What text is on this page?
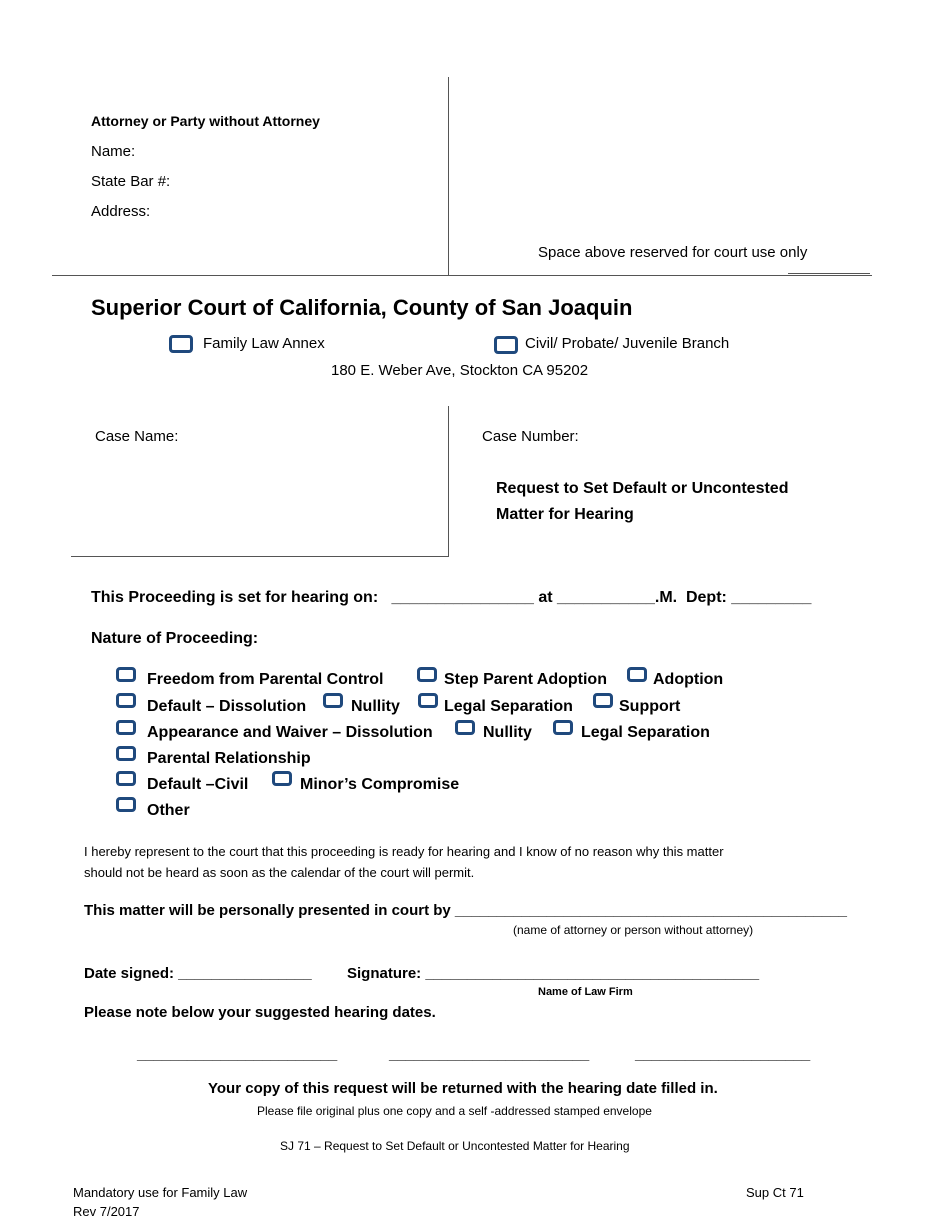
Attorney or Party without Attorney
Name:
State Bar #:
Address:
Space above reserved for court use only
Superior Court of California, County of San Joaquin
Family Law Annex	Civil/ Probate/ Juvenile Branch
180 E. Weber Ave, Stockton CA 95202
Case Name:	Case Number:
Request to Set Default or Uncontested
Matter for Hearing
This Proceeding is set for hearing on:   ________________ at ___________.M.  Dept: _________
Nature of Proceeding:
Freedom from Parental Control	Step Parent Adoption	Adoption
Default – Dissolution	Nullity	Legal Separation	Support
Appearance and Waiver – Dissolution	Nullity	Legal Separation
Parental Relationship
Default –Civil	Minor’s Compromise
Other
I hereby represent to the court that this proceeding is ready for hearing and I know of no reason why this matter
should not be heard as soon as the calendar of the court will permit.
This matter will be personally presented in court by _______________________________________________
(name of attorney or person without attorney)
Date signed: ________________ Signature: ________________________________________
Name of Law Firm
Please note below your suggested hearing dates.
________________________	________________________	_____________________
Your copy of this request will be returned with the hearing date filled in.
Please file original plus one copy and a self -addressed stamped envelope
SJ 71 – Request to Set Default or Uncontested Matter for Hearing
Mandatory use for Family Law
Rev 7/2017
Sup Ct 71
